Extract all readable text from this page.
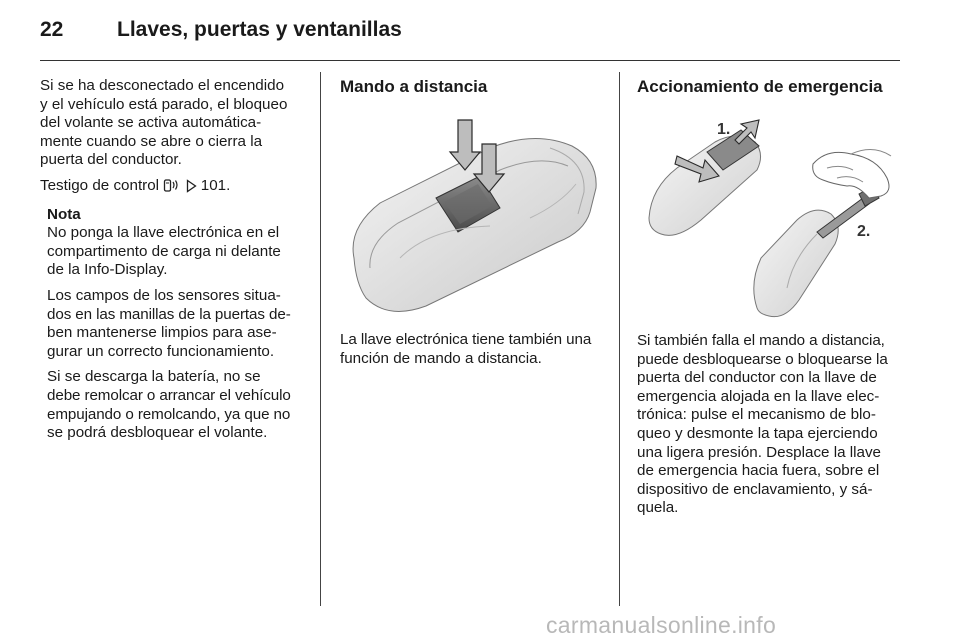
22	Llaves, puertas y ventanillas

Si se ha desconectado el encendido
y el vehículo está parado, el bloqueo
del volante se activa automática-
mente cuando se abre o cierra la
puerta del conductor.

Testigo de control	101.

Nota

No ponga la llave electrónica en el
compartimento de carga ni delante
de la Info-Display.

Los campos de los sensores situa-
dos en las manillas de la puertas de-
ben mantenerse limpios para ase-
gurar un correcto funcionamiento.

Si se descarga la batería, no se
debe remolcar o arrancar el vehículo
empujando o remolcando, ya que no
se podrá desbloquear el volante.

Mando a distancia

La llave electrónica tiene también una
función de mando a distancia.

Accionamiento de emergencia

1.
2.
Si también falla el mando a distancia,
puede desbloquearse o bloquearse la
puerta del conductor con la llave de
emergencia alojada en la llave elec-
trónica: pulse el mecanismo de blo-
queo y desmonte la tapa ejerciendo
una ligera presión. Desplace la llave
de emergencia hacia fuera, sobre el
dispositivo de enclavamiento, y sá-
quela.
carmanualsonline.info
